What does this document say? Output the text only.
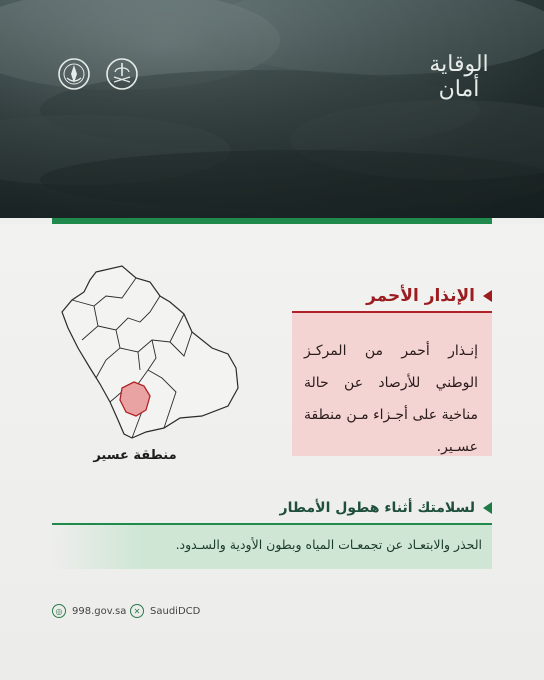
الوقاية أمان
منطقة عسير
الإنذار الأحمر
إنـذار أحمر من المركـز الوطني للأرصاد عن حالة مناخية على أجـزاء مـن منطقة عسـير.
لسلامتك أثناء هطول الأمطار
الحذر والابتعـاد عن تجمعـات المياه وبطون الأودية والسـدود.
◎ 998.gov.sa ✕ SaudiDCD
